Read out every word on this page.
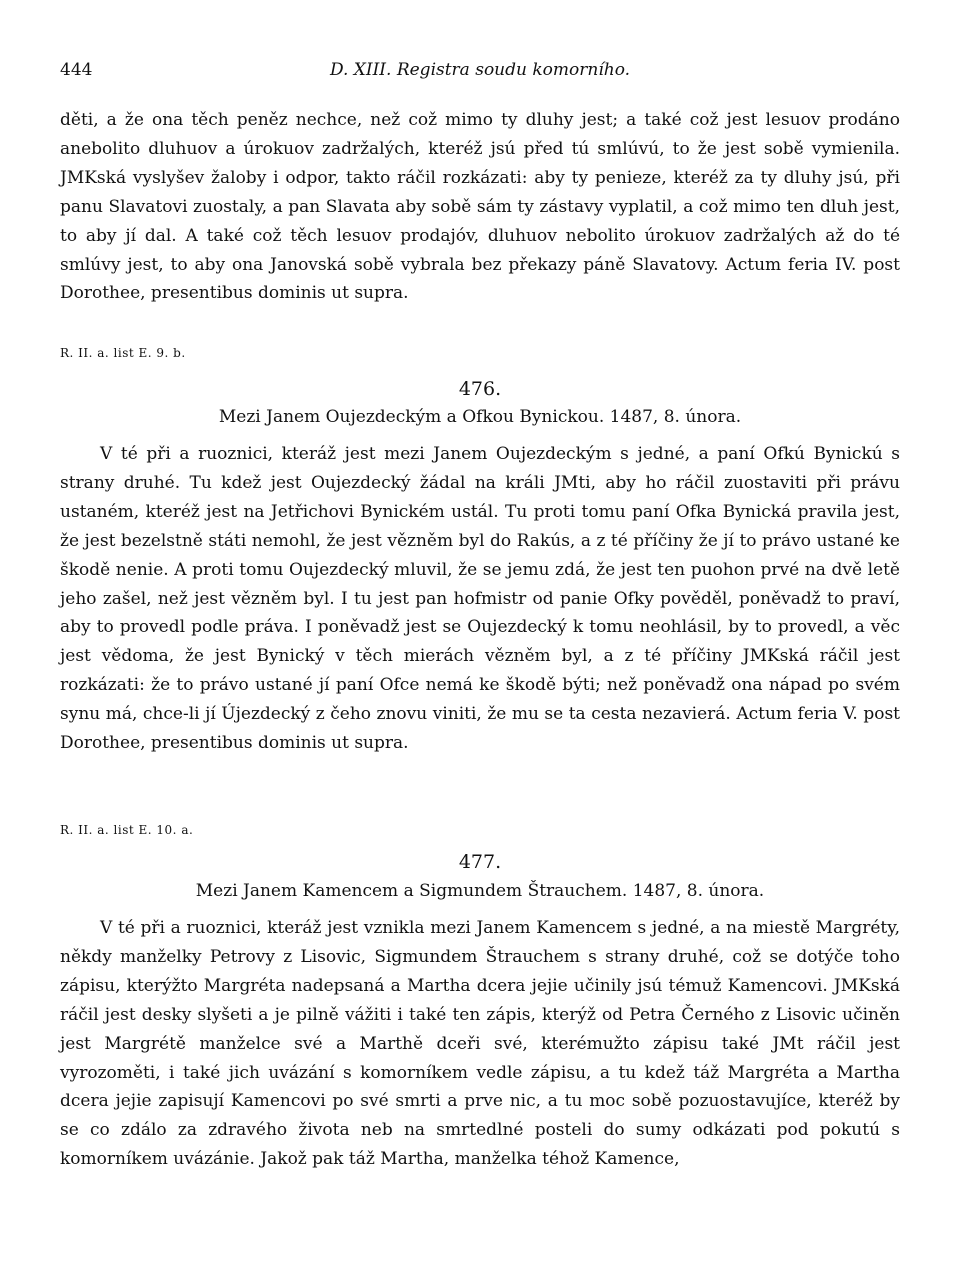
444	D. XIII. Registra soudu komorního.

děti, a že ona těch peněz nechce, než což mimo ty dluhy jest; a také což jest lesuov prodáno anebolito dluhuov a úrokuov zadržalých, kteréž jsú před tú smlúvú, to že jest sobě vymienila. JMKská vyslyšev žaloby i odpor, takto ráčil rozkázati: aby ty penieze, kteréž za ty dluhy jsú, při panu Slavatovi zuostaly, a pan Slavata aby sobě sám ty zástavy vyplatil, a což mimo ten dluh jest, to aby jí dal. A také což těch lesuov prodajóv, dluhuov nebolito úrokuov zadržalých až do té smlúvy jest, to aby ona Janovská sobě vybrala bez překazy páně Slavatovy. Actum feria IV. post Dorothee, presentibus dominis ut supra.

R. II. a. list E. 9. b.
476.
Mezi Janem Oujezdeckým a Ofkou Bynickou. 1487, 8. února.

V té při a ruoznici, kteráž jest mezi Janem Oujezdeckým s jedné, a paní Ofkú Bynickú s strany druhé. Tu kdež jest Oujezdecký žádal na králi JMti, aby ho ráčil zuostaviti při právu ustaném, kteréž jest na Jetřichovi Bynickém ustál. Tu proti tomu paní Ofka Bynická pravila jest, že jest bezelstně státi nemohl, že jest vězněm byl do Rakús, a z té příčiny že jí to právo ustané ke škodě nenie. A proti tomu Oujezdecký mluvil, že se jemu zdá, že jest ten puohon prvé na dvě letě jeho zašel, než jest vězněm byl. I tu jest pan hofmistr od panie Ofky pověděl, poněvadž to praví, aby to provedl podle práva. I poněvadž jest se Oujezdecký k tomu neohlásil, by to provedl, a věc jest vědoma, že jest Bynický v těch mierách vězněm byl, a z té příčiny JMKská ráčil jest rozkázati: že to právo ustané jí paní Ofce nemá ke škodě býti; než poněvadž ona nápad po svém synu má, chce-li jí Újezdecký z čeho znovu viniti, že mu se ta cesta nezavierá. Actum feria V. post Dorothee, presentibus dominis ut supra.

R. II. a. list E. 10. a.
477.
Mezi Janem Kamencem a Sigmundem Štrauchem. 1487, 8. února.

V té při a ruoznici, kteráž jest vznikla mezi Janem Kamencem s jedné, a na miestě Margréty, někdy manželky Petrovy z Lisovic, Sigmundem Štrauchem s strany druhé, což se dotýče toho zápisu, kterýžto Margréta nadepsaná a Martha dcera jejie učinily jsú témuž Kamencovi. JMKská ráčil jest desky slyšeti a je pilně vážiti i také ten zápis, kterýž od Petra Černého z Lisovic učiněn jest Margrétě manželce své a Marthě dceři své, kterémužto zápisu také JMt ráčil jest vyrozoměti, i také jich uvázání s komorníkem vedle zápisu, a tu kdež táž Margréta a Martha dcera jejie zapisují Kamencovi po své smrti a prve nic, a tu moc sobě pozuostavujíce, kteréž by se co zdálo za zdravého života neb na smrtedlné posteli do sumy odkázati pod pokutú s komorníkem uvázánie. Jakož pak táž Martha, manželka téhož Kamence,
